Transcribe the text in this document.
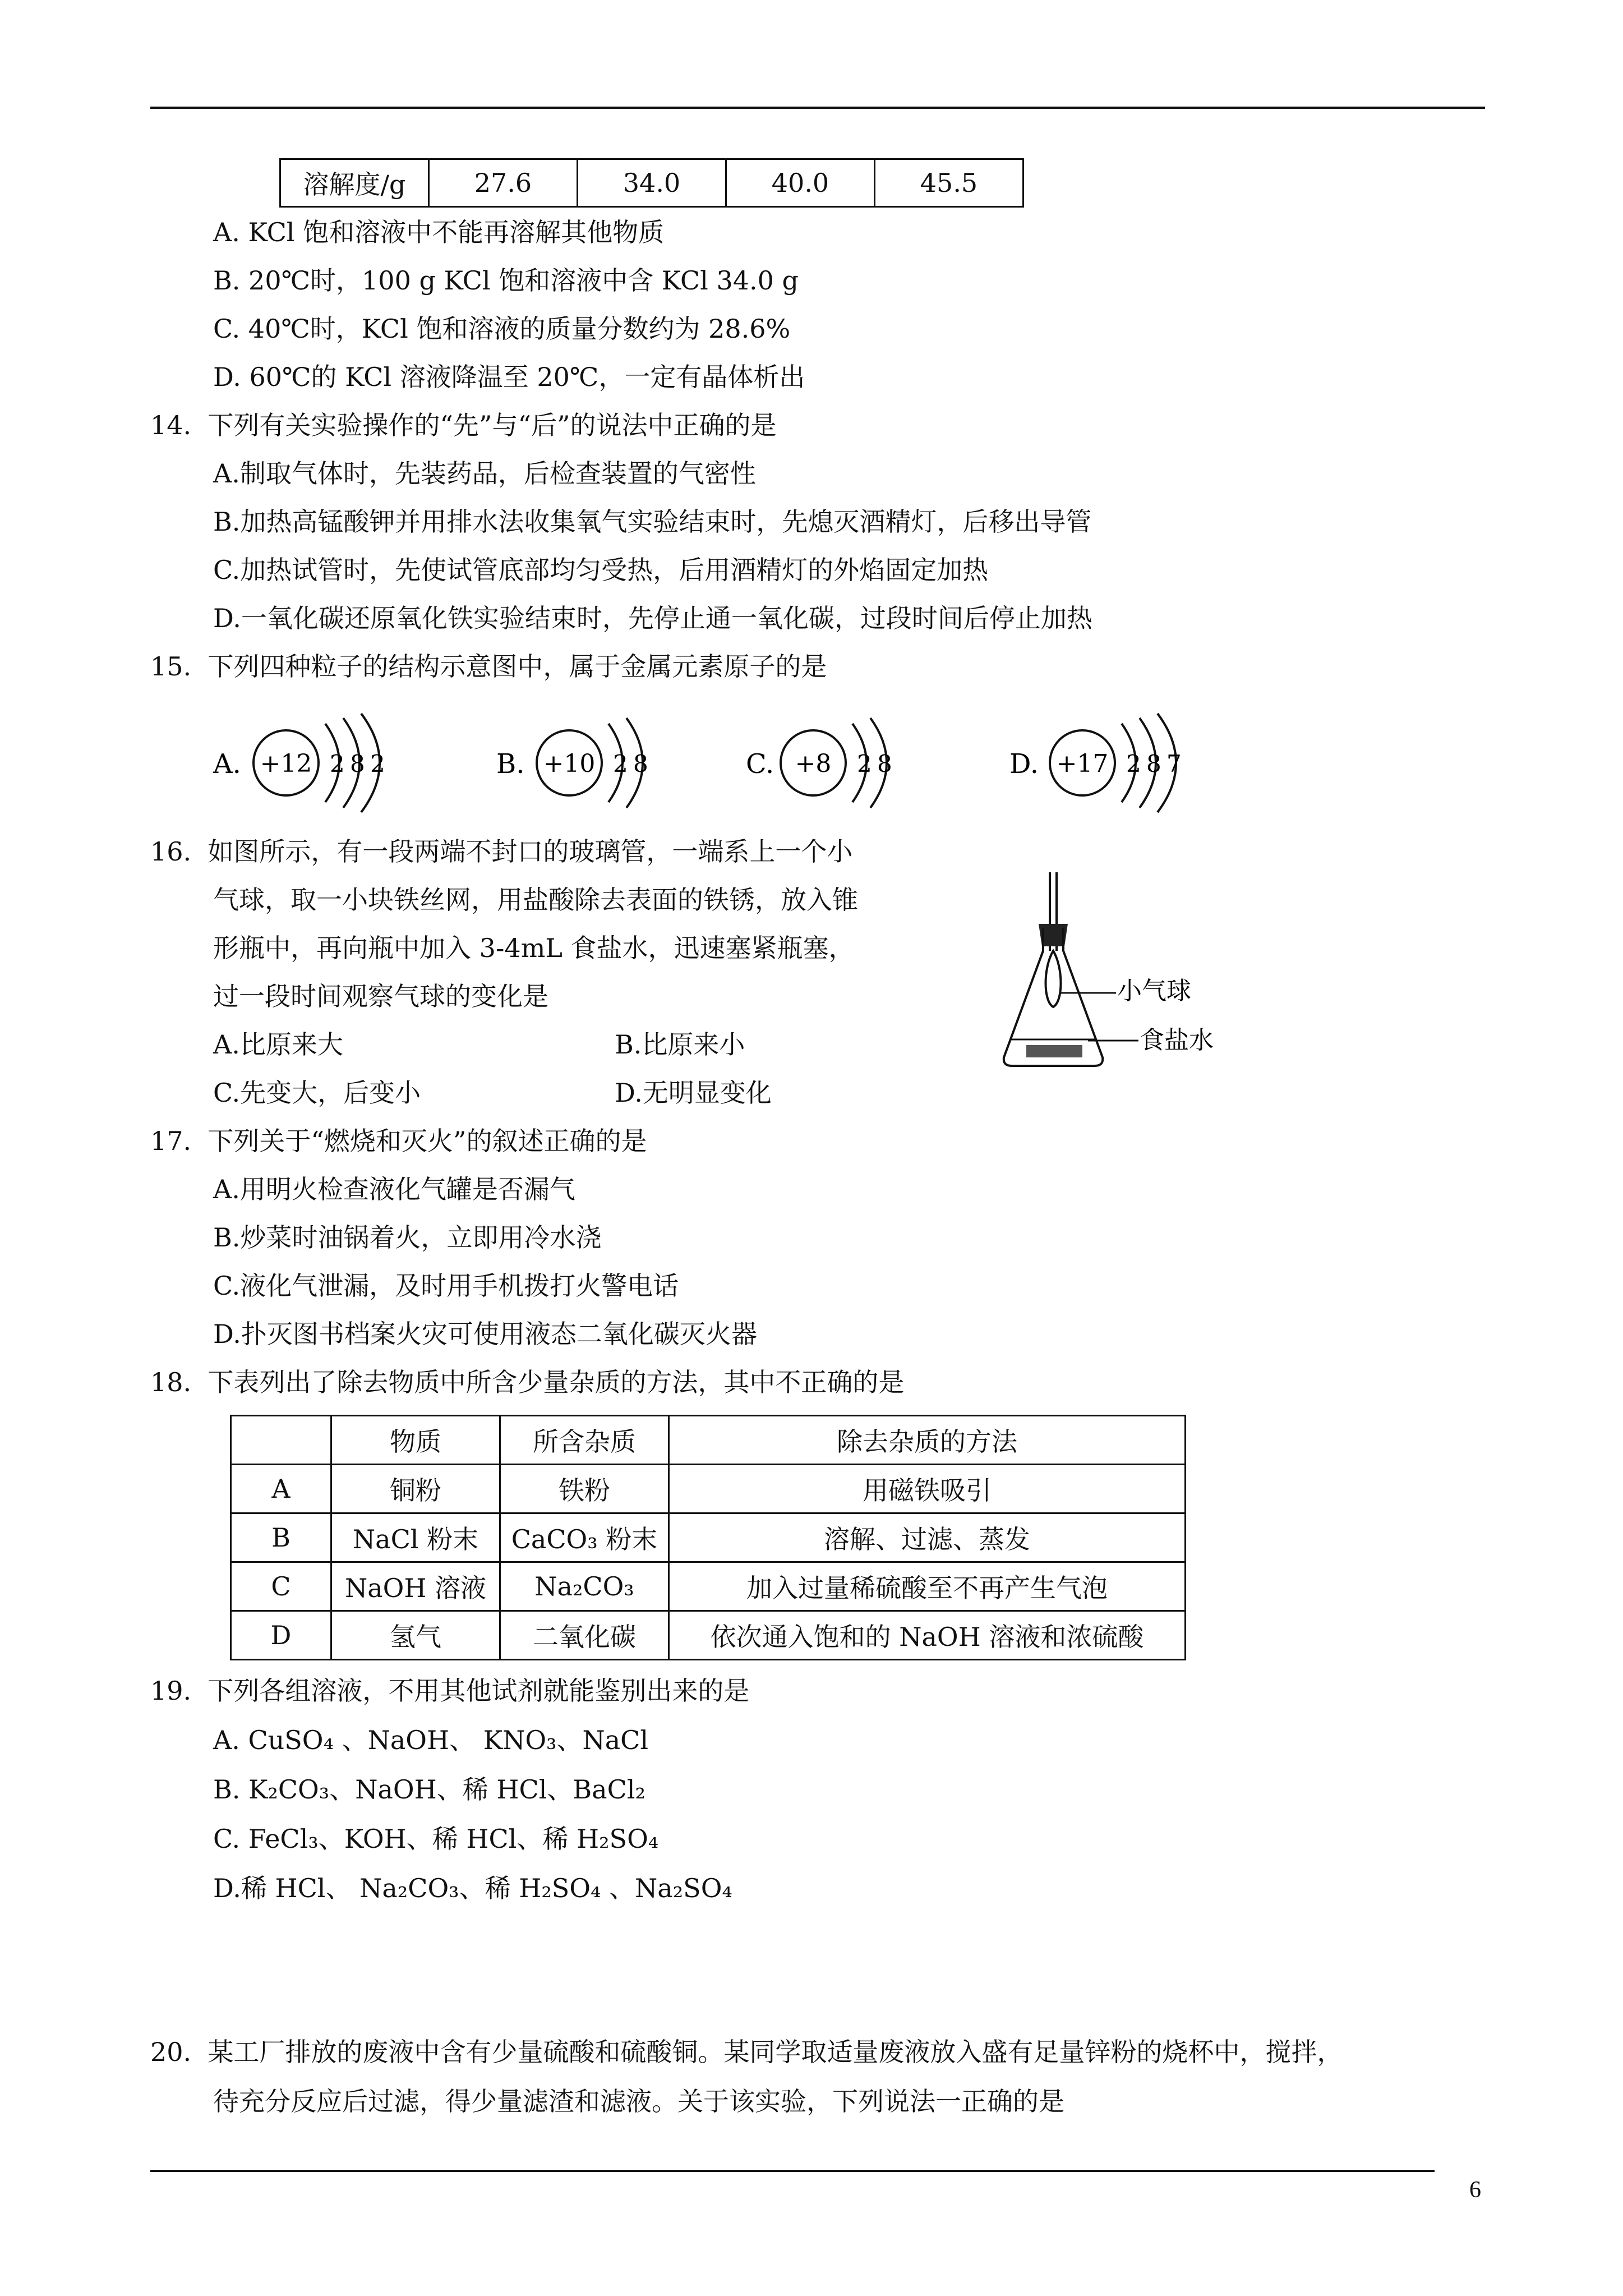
溶解度/g	27.6	34.0	40.0	45.5
A. KCl 饱和溶液中不能再溶解其他物质
B. 20℃时，100 g KCl 饱和溶液中含 KCl 34.0 g
C. 40℃时，KCl 饱和溶液的质量分数约为 28.6%
D. 60℃的 KCl 溶液降温至 20℃，一定有晶体析出
14. 下列有关实验操作的“先”与“后”的说法中正确的是
A.制取气体时，先装药品，后检查装置的气密性
B.加热高锰酸钾并用排水法收集氧气实验结束时，先熄灭酒精灯，后移出导管
C.加热试管时，先使试管底部均匀受热，后用酒精灯的外焰固定加热
D.一氧化碳还原氧化铁实验结束时，先停止通一氧化碳，过段时间后停止加热
15. 下列四种粒子的结构示意图中，属于金属元素原子的是
A. +12 2 8 2	B. +10 2 8	C. +8 2 8	D. +17 2 8 7
16. 如图所示，有一段两端不封口的玻璃管，一端系上一个小
气球，取一小块铁丝网，用盐酸除去表面的铁锈，放入锥
形瓶中，再向瓶中加入 3-4mL 食盐水，迅速塞紧瓶塞，
过一段时间观察气球的变化是
A.比原来大	B.比原来小
C.先变大，后变小	D.无明显变化
小气球
食盐水
17. 下列关于“燃烧和灭火”的叙述正确的是
A.用明火检查液化气罐是否漏气
B.炒菜时油锅着火，立即用冷水浇
C.液化气泄漏，及时用手机拨打火警电话
D.扑灭图书档案火灾可使用液态二氧化碳灭火器
18. 下表列出了除去物质中所含少量杂质的方法，其中不正确的是
	物质	所含杂质	除去杂质的方法
A	铜粉	铁粉	用磁铁吸引
B	NaCl 粉末	CaCO₃ 粉末	溶解、过滤、蒸发
C	NaOH 溶液	Na₂CO₃	加入过量稀硫酸至不再产生气泡
D	氢气	二氧化碳	依次通入饱和的 NaOH 溶液和浓硫酸
19. 下列各组溶液，不用其他试剂就能鉴别出来的是
A. CuSO₄ 、NaOH、 KNO₃、NaCl
B. K₂CO₃、NaOH、稀 HCl、BaCl₂
C. FeCl₃、KOH、稀 HCl、稀 H₂SO₄
D.稀 HCl、 Na₂CO₃、稀 H₂SO₄ 、Na₂SO₄
20. 某工厂排放的废液中含有少量硫酸和硫酸铜。某同学取适量废液放入盛有足量锌粉的烧杯中，搅拌，
待充分反应后过滤，得少量滤渣和滤液。关于该实验，下列说法一正确的是
6
